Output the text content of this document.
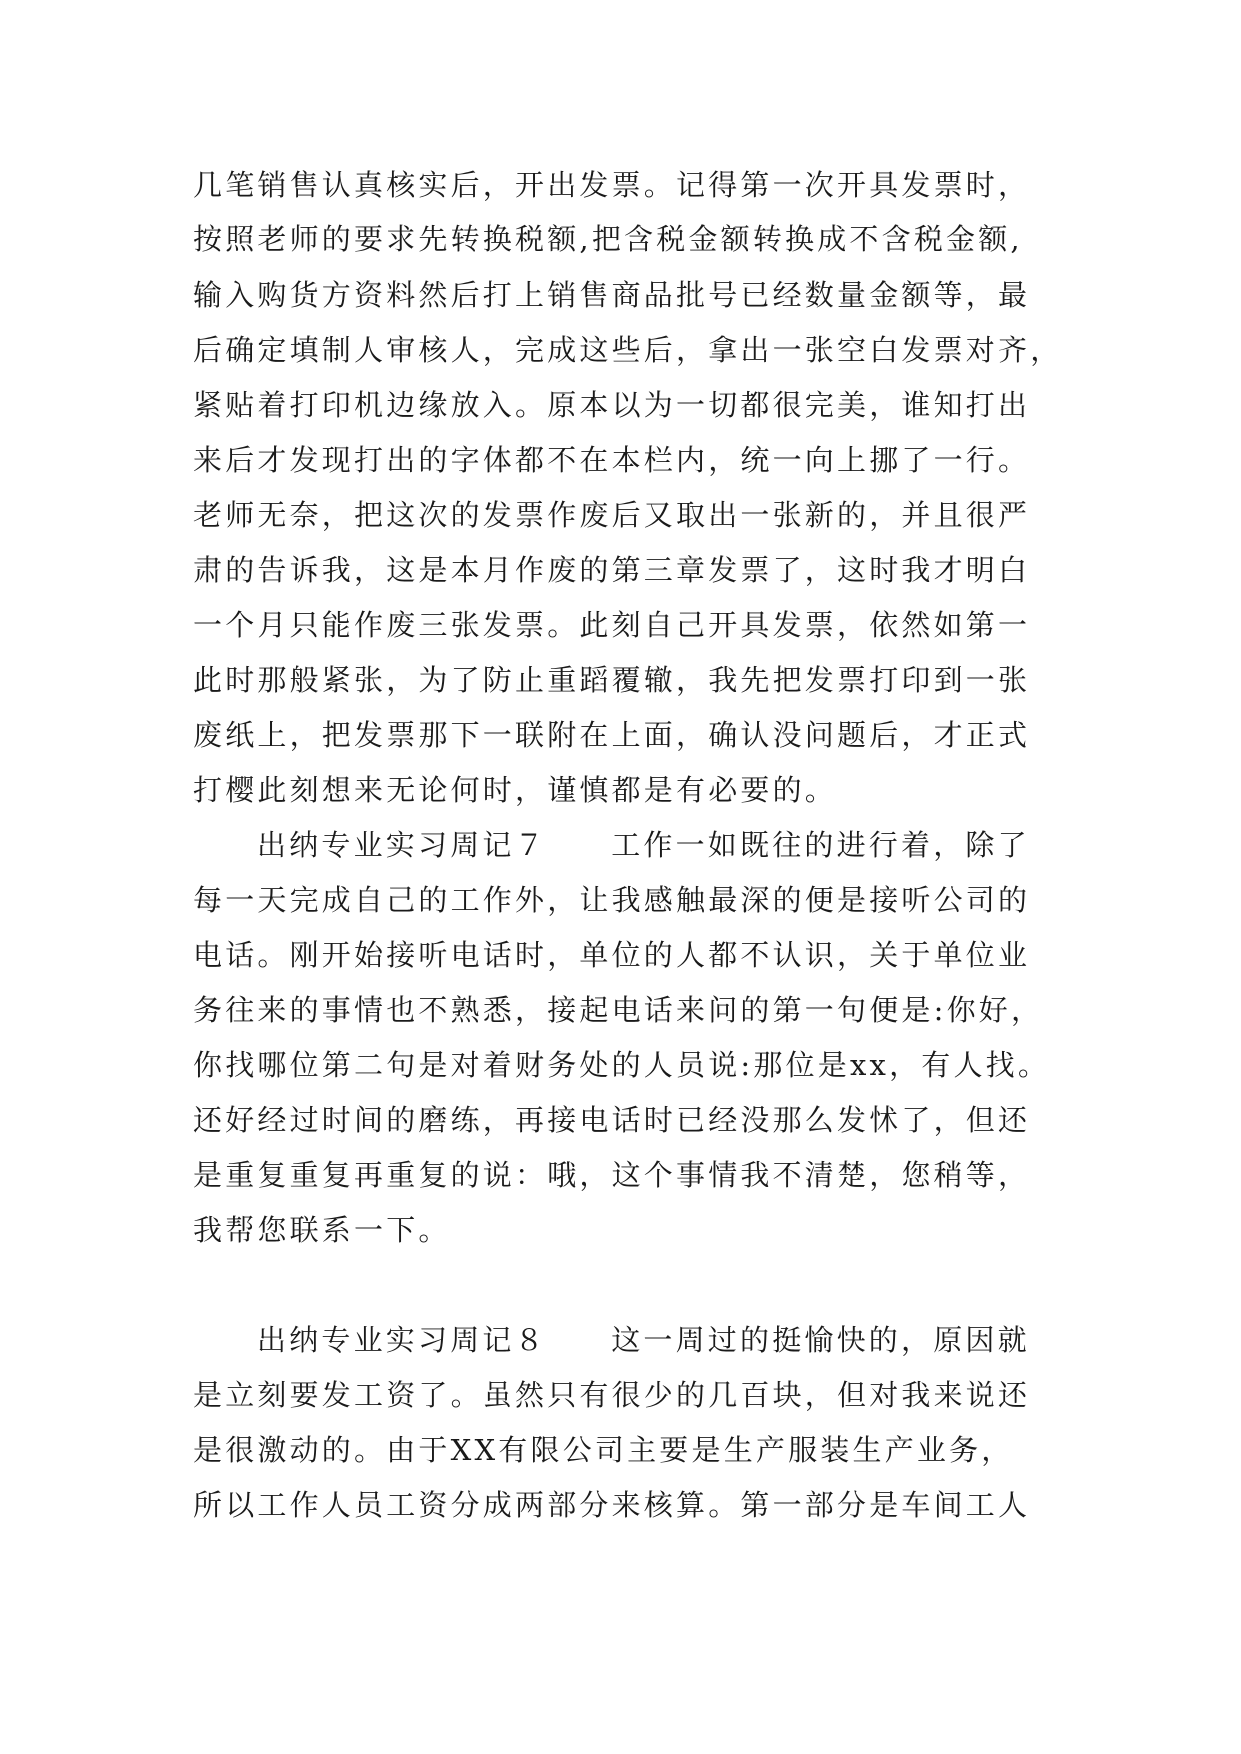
几笔销售认真核实后，开出发票。记得第一次开具发票时，
按照老师的要求先转换税额,把含税金额转换成不含税金额,
输入购货方资料然后打上销售商品批号已经数量金额等，最
后确定填制人审核人，完成这些后，拿出一张空白发票对齐，
紧贴着打印机边缘放入。原本以为一切都很完美，谁知打出
来后才发现打出的字体都不在本栏内，统一向上挪了一行。
老师无奈，把这次的发票作废后又取出一张新的，并且很严
肃的告诉我，这是本月作废的第三章发票了，这时我才明白
一个月只能作废三张发票。此刻自己开具发票，依然如第一
此时那般紧张，为了防止重蹈覆辙，我先把发票打印到一张
废纸上，把发票那下一联附在上面，确认没问题后，才正式
打樱此刻想来无论何时，谨慎都是有必要的。
出纳专业实习周记７　　工作一如既往的进行着，除了
每一天完成自己的工作外，让我感触最深的便是接听公司的
电话。刚开始接听电话时，单位的人都不认识，关于单位业
务往来的事情也不熟悉，接起电话来问的第一句便是:你好，
你找哪位第二句是对着财务处的人员说:那位是xx，有人找。
还好经过时间的磨练，再接电话时已经没那么发怵了，但还
是重复重复再重复的说：哦，这个事情我不清楚，您稍等，
我帮您联系一下。
出纳专业实习周记８　　这一周过的挺愉快的，原因就
是立刻要发工资了。虽然只有很少的几百块，但对我来说还
是很激动的。由于XX有限公司主要是生产服装生产业务，
所以工作人员工资分成两部分来核算。第一部分是车间工人
